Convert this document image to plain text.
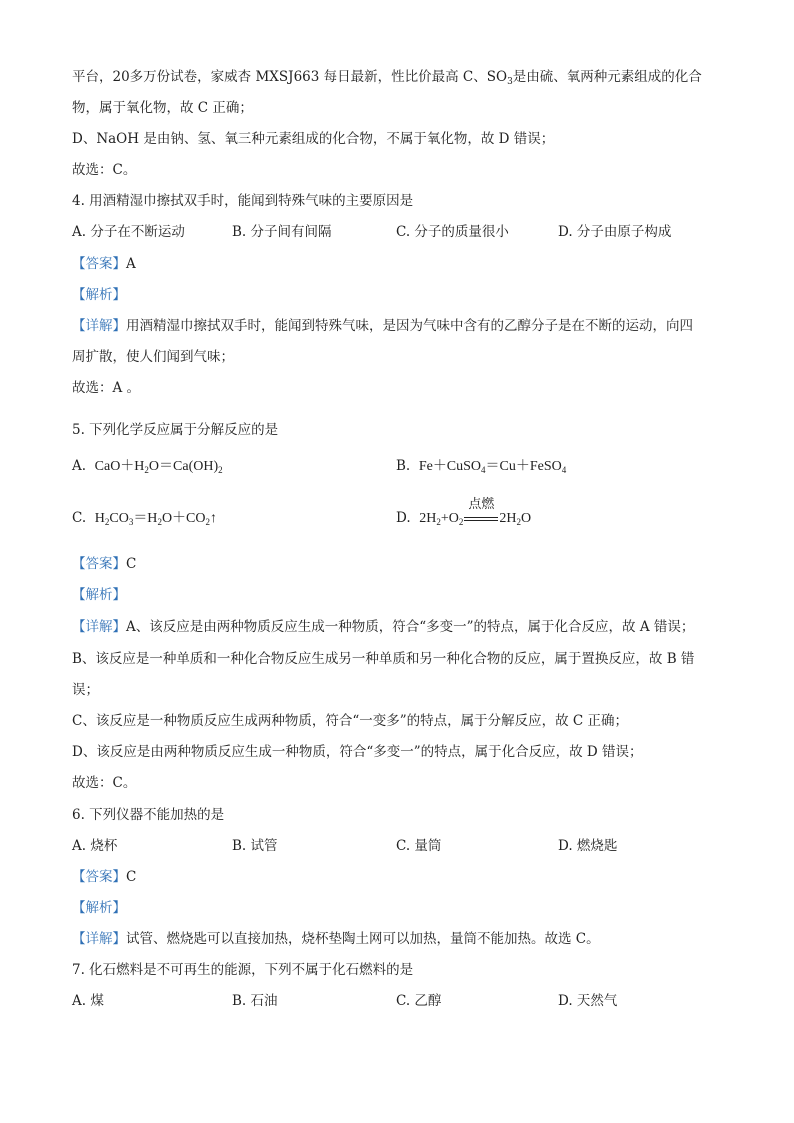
平台，20多万份试卷，家威杏 MXSJ663 每日最新，性比价最高 C、$SO_3$是由硫、氧两种元素组成的化合
物，属于氧化物，故 C 正确；
D、NaOH 是由钠、氢、氧三种元素组成的化合物，不属于氧化物，故 D 错误；
故选：C。
4. 用酒精湿巾擦拭双手时，能闻到特殊气味的主要原因是
A. 分子在不断运动	B. 分子间有间隔	C. 分子的质量很小	D. 分子由原子构成
【答案】A
【解析】
【详解】用酒精湿巾擦拭双手时，能闻到特殊气味，是因为气味中含有的乙醇分子是在不断的运动，向四
周扩散，使人们闻到气味；
故选：A 。
5. 下列化学反应属于分解反应的是
A. $CaO+H_2O=Ca(OH)_2$	B. Fe＋CuSO$_4$＝Cu＋FeSO$_4$
C. $H_2CO_3=H_2O+CO_2↑$	D. $2H_2+O_2$
点燃
$2H_2O$
【答案】C
【解析】
【详解】A、该反应是由两种物质反应生成一种物质，符合“多变一”的特点，属于化合反应，故 A 错误；
B、该反应是一种单质和一种化合物反应生成另一种单质和另一种化合物的反应，属于置换反应，故 B 错
误；
C、该反应是一种物质反应生成两种物质，符合“一变多”的特点，属于分解反应，故 C 正确；
D、该反应是由两种物质反应生成一种物质，符合“多变一”的特点，属于化合反应，故 D 错误；
故选：C。
6. 下列仪器不能加热的是
A. 烧杯	B. 试管	C. 量筒	D. 燃烧匙
【答案】C
【解析】
【详解】试管、燃烧匙可以直接加热，烧杯垫陶土网可以加热，量筒不能加热。故选 C。
7. 化石燃料是不可再生的能源，下列不属于化石燃料的是
A. 煤	B. 石油	C. 乙醇	D. 天然气
